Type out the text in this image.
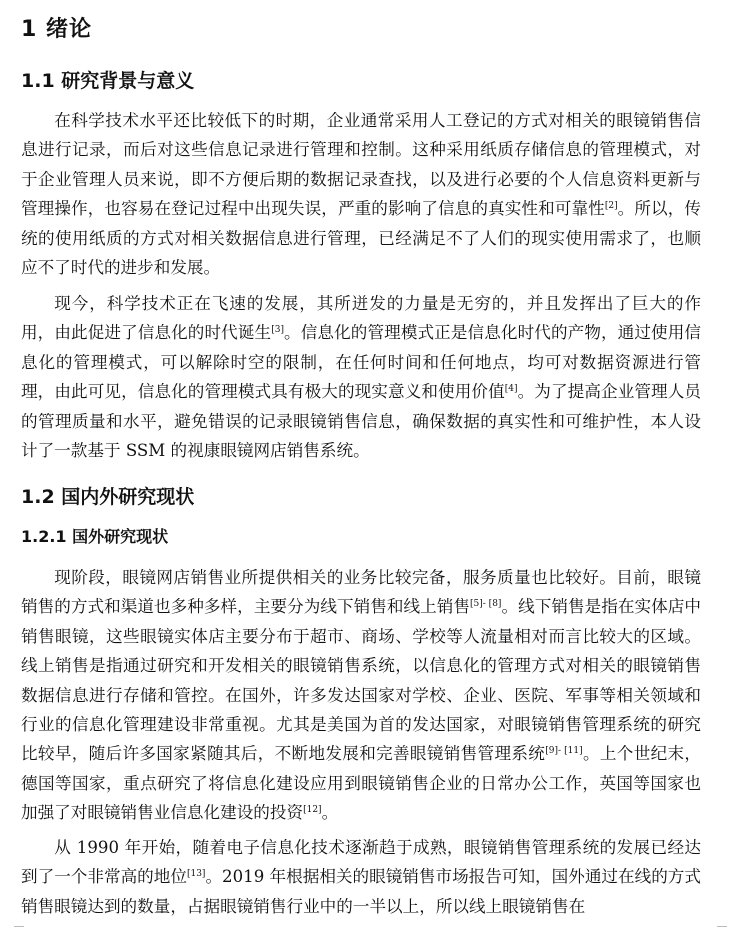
1 绪论
1.1 研究背景与意义
在科学技术水平还比较低下的时期，企业通常采用人工登记的方式对相关的眼镜销售信息进行记录，而后对这些信息记录进行管理和控制。这种采用纸质存储信息的管理模式，对于企业管理人员来说，即不方便后期的数据记录查找，以及进行必要的个人信息资料更新与管理操作，也容易在登记过程中出现失误，严重的影响了信息的真实性和可靠性[2]。所以，传统的使用纸质的方式对相关数据信息进行管理，已经满足不了人们的现实使用需求了，也顺应不了时代的进步和发展。
现今，科学技术正在飞速的发展，其所迸发的力量是无穷的，并且发挥出了巨大的作用，由此促进了信息化的时代诞生[3]。信息化的管理模式正是信息化时代的产物，通过使用信息化的管理模式，可以解除时空的限制，在任何时间和任何地点，均可对数据资源进行管理，由此可见，信息化的管理模式具有极大的现实意义和使用价值[4]。为了提高企业管理人员的管理质量和水平，避免错误的记录眼镜销售信息，确保数据的真实性和可维护性，本人设计了一款基于 SSM 的视康眼镜网店销售系统。
1.2 国内外研究现状
1.2.1 国外研究现状
现阶段，眼镜网店销售业所提供相关的业务比较完备，服务质量也比较好。目前，眼镜销售的方式和渠道也多种多样，主要分为线下销售和线上销售[5]- [8]。线下销售是指在实体店中销售眼镜，这些眼镜实体店主要分布于超市、商场、学校等人流量相对而言比较大的区域。线上销售是指通过研究和开发相关的眼镜销售系统，以信息化的管理方式对相关的眼镜销售数据信息进行存储和管控。在国外，许多发达国家对学校、企业、医院、军事等相关领域和行业的信息化管理建设非常重视。尤其是美国为首的发达国家，对眼镜销售管理系统的研究比较早，随后许多国家紧随其后，不断地发展和完善眼镜销售管理系统[9]- [11]。上个世纪末，德国等国家，重点研究了将信息化建设应用到眼镜销售企业的日常办公工作，英国等国家也加强了对眼镜销售业信息化建设的投资[12]。
从 1990 年开始，随着电子信息化技术逐渐趋于成熟，眼镜销售管理系统的发展已经达到了一个非常高的地位[13]。2019 年根据相关的眼镜销售市场报告可知，国外通过在线的方式销售眼镜达到的数量，占据眼镜销售行业中的一半以上，所以线上眼镜销售在
